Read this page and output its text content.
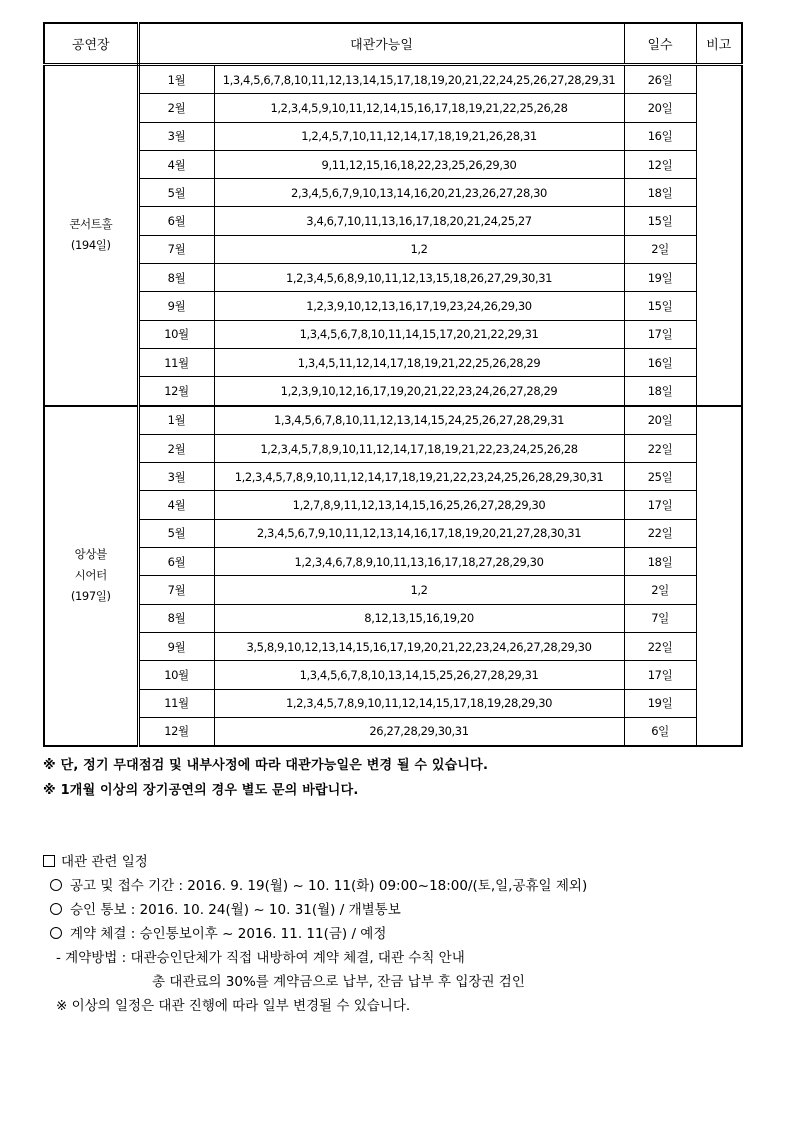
공연장	대관가능일		일수	비고

콘서트홀
(194일)	1월	1,3,4,5,6,7,8,10,11,12,13,14,15,17,18,19,20,21,22,24,25,26,27,28,29,31	26일	
	2월	1,2,3,4,5,9,10,11,12,14,15,16,17,18,19,21,22,25,26,28	20일	
	3월	1,2,4,5,7,10,11,12,14,17,18,19,21,26,28,31	16일	
	4월	9,11,12,15,16,18,22,23,25,26,29,30	12일	
	5월	2,3,4,5,6,7,9,10,13,14,16,20,21,23,26,27,28,30	18일	
	6월	3,4,6,7,10,11,13,16,17,18,20,21,24,25,27	15일	
	7월	1,2	2일	
	8월	1,2,3,4,5,6,8,9,10,11,12,13,15,18,26,27,29,30,31	19일	
	9월	1,2,3,9,10,12,13,16,17,19,23,24,26,29,30	15일	
	10월	1,3,4,5,6,7,8,10,11,14,15,17,20,21,22,29,31	17일	
	11월	1,3,4,5,11,12,14,17,18,19,21,22,25,26,28,29	16일	
	12월	1,2,3,9,10,12,16,17,19,20,21,22,23,24,26,27,28,29	18일	

앙상블
시어터
(197일)	1월	1,3,4,5,6,7,8,10,11,12,13,14,15,24,25,26,27,28,29,31	20일	
	2월	1,2,3,4,5,7,8,9,10,11,12,14,17,18,19,21,22,23,24,25,26,28	22일	
	3월	1,2,3,4,5,7,8,9,10,11,12,14,17,18,19,21,22,23,24,25,26,28,29,30,31	25일	
	4월	1,2,7,8,9,11,12,13,14,15,16,25,26,27,28,29,30	17일	
	5월	2,3,4,5,6,7,9,10,11,12,13,14,16,17,18,19,20,21,27,28,30,31	22일	
	6월	1,2,3,4,6,7,8,9,10,11,13,16,17,18,27,28,29,30	18일	
	7월	1,2	2일	
	8월	8,12,13,15,16,19,20	7일	
	9월	3,5,8,9,10,12,13,14,15,16,17,19,20,21,22,23,24,26,27,28,29,30	22일	
	10월	1,3,4,5,6,7,8,10,13,14,15,25,26,27,28,29,31	17일	
	11월	1,2,3,4,5,7,8,9,10,11,12,14,15,17,18,19,28,29,30	19일	
	12월	26,27,28,29,30,31	6일	
※ 단, 정기 무대점검 및 내부사정에 따라 대관가능일은 변경 될 수 있습니다.
※ 1개월 이상의 장기공연의 경우 별도 문의 바랍니다.
대관 관련 일정
공고 및 접수 기간 : 2016. 9. 19(월) ~ 10. 11(화) 09:00~18:00/(토,일,공휴일 제외)
승인 통보 : 2016. 10. 24(월) ~ 10. 31(월) / 개별통보
계약 체결 : 승인통보이후 ~ 2016. 11. 11(금) / 예정
- 계약방법 : 대관승인단체가 직접 내방하여 계약 체결, 대관 수칙 안내
총 대관료의 30%를 계약금으로 납부, 잔금 납부 후 입장권 검인
※ 이상의 일정은 대관 진행에 따라 일부 변경될 수 있습니다.
